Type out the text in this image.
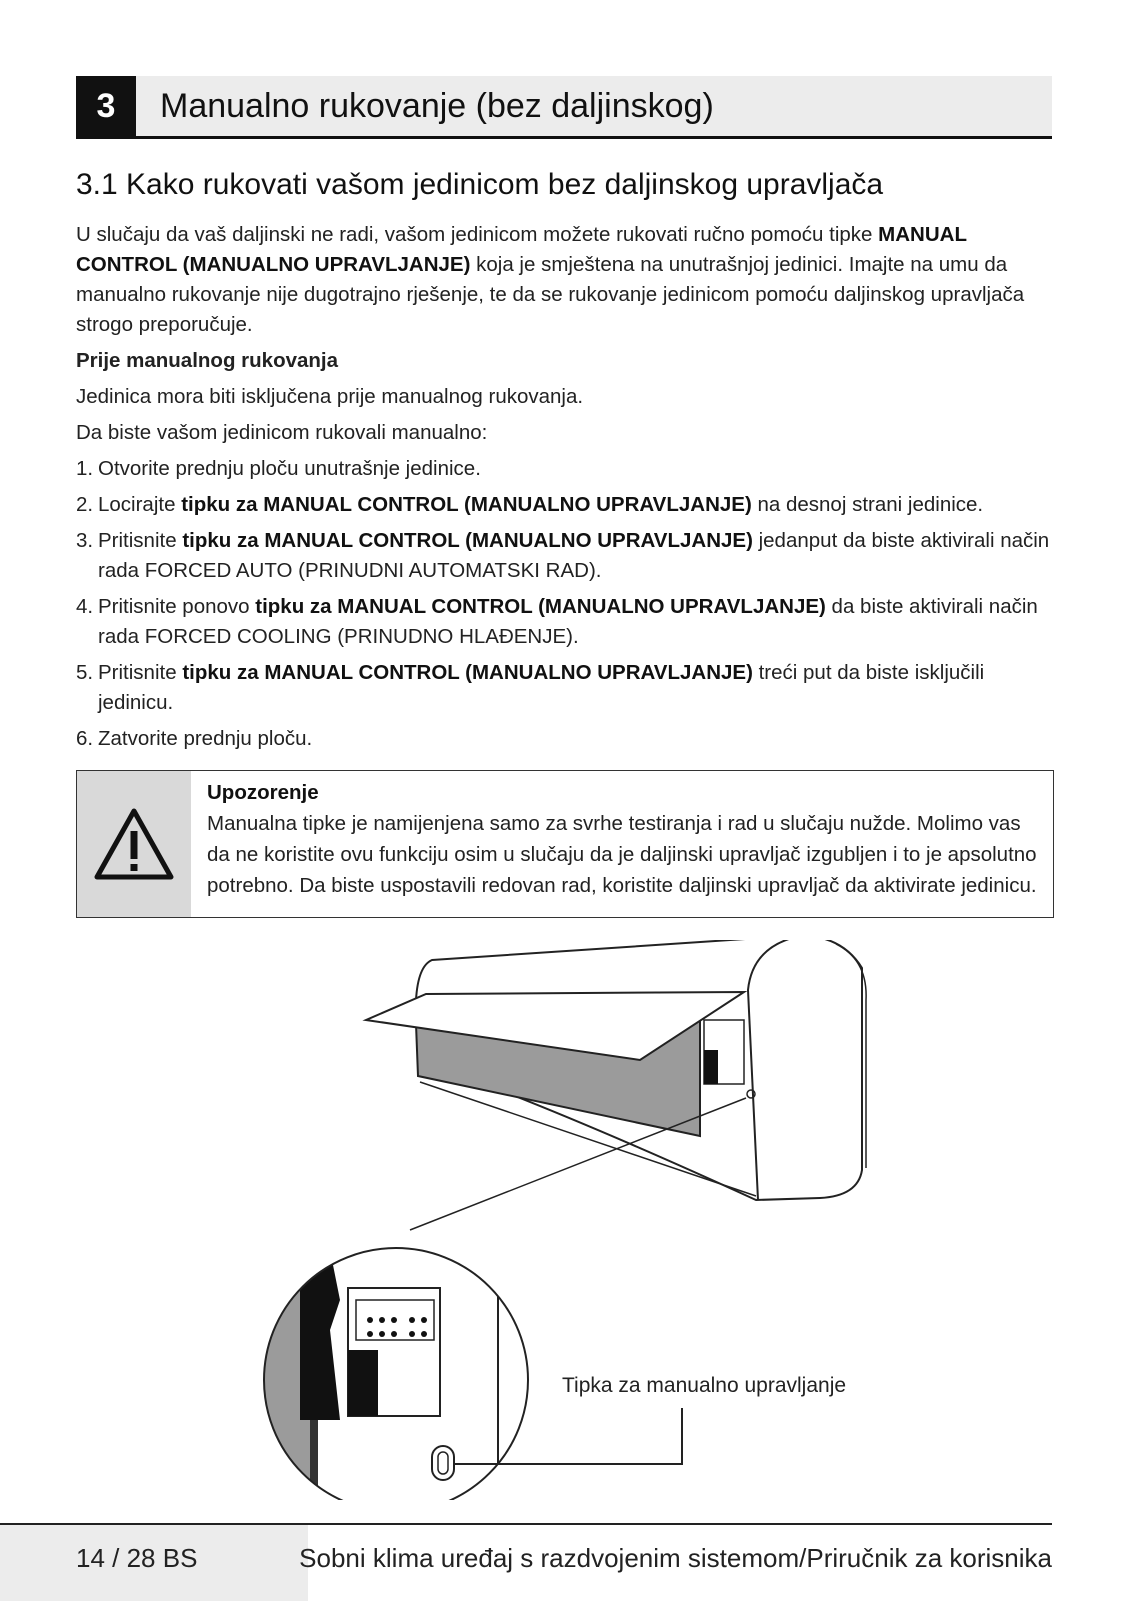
3	Manualno rukovanje (bez daljinskog)
3.1 Kako rukovati vašom jedinicom bez daljinskog upravljača

U slučaju da vaš daljinski ne radi, vašom jedinicom možete rukovati ručno pomoću tipke MANUAL CONTROL (MANUALNO UPRAVLJANJE) koja je smještena na unutrašnjoj jedinici. Imajte na umu da manualno rukovanje nije dugotrajno rješenje, te da se rukovanje jedinicom pomoću daljinskog upravljača strogo preporučuje.

Prije manualnog rukovanja

Jedinica mora biti isključena prije manualnog rukovanja.

Da biste vašom jedinicom rukovali manualno:

1. Otvorite prednju ploču unutrašnje jedinice.
2. Locirajte tipku za MANUAL CONTROL (MANUALNO UPRAVLJANJE) na desnoj strani jedinice.
3. Pritisnite tipku za MANUAL CONTROL (MANUALNO UPRAVLJANJE) jedanput da biste aktivirali način rada FORCED AUTO (PRINUDNI AUTOMATSKI RAD).
4. Pritisnite ponovo tipku za MANUAL CONTROL (MANUALNO UPRAVLJANJE) da biste aktivirali način rada FORCED COOLING (PRINUDNO HLAĐENJE).
5. Pritisnite tipku za MANUAL CONTROL (MANUALNO UPRAVLJANJE) treći put da biste isključili jedinicu.
6. Zatvorite prednju ploču.
Upozorenje
Manualna tipke je namijenjena samo za svrhe testiranja i rad u slučaju nužde. Molimo vas da ne koristite ovu funkciju osim u slučaju da je daljinski upravljač izgubljen i to je apsolutno potrebno. Da biste uspostavili redovan rad, koristite daljinski upravljač da aktivirate jedinicu.
Tipka za manualno upravljanje
14 / 28 BS	Sobni klima uređaj s razdvojenim sistemom/Priručnik za korisnika
